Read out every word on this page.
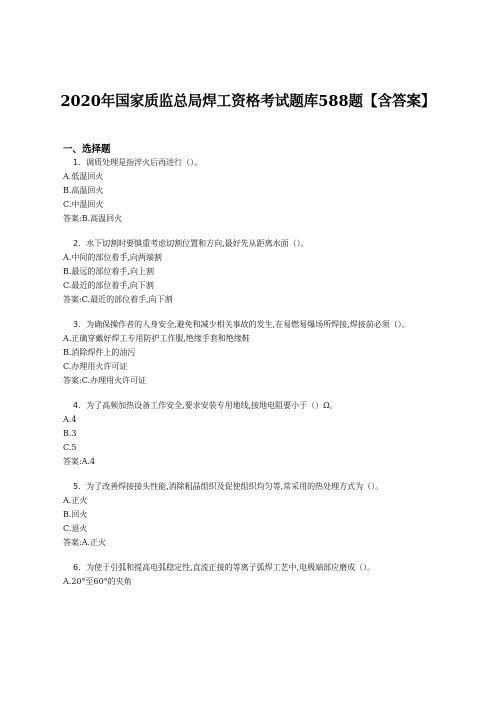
2020年国家质监总局焊工资格考试题库588题【含答案】
一、选择题

1．调质处理是指淬火后再进行（）。

A.低温回火

B.高温回火

C.中温回火

答案:B.高温回火

2．水下切割时要慎重考虑切割位置和方向,最好先从距离水面（）。

A.中间的部位着手,向两端割

B.最远的部位着手,向上割

C.最近的部位着手,向下割

答案:C.最近的部位着手,向下割

3．为确保操作者的人身安全,避免和减少相关事故的发生,在易燃易爆场所焊接,焊接前必须（）。

A.正确穿戴好焊工专用防护工作服,绝缘手套和绝缘鞋

B.消除焊件上的油污

C.办理用火许可证

答案:C.办理用火许可证

4．为了高频加热设备工作安全,要求安装专用地线,接地电阻要小于（）Ω。

A.4

B.3

C.5

答案:A.4

5．为了改善焊接接头性能,消除粗晶组织及促使组织均匀等,常采用的热处理方式为（）。

A.正火

B.回火

C.退火

答案:A.正火

6．为使于引弧和提高电弧稳定性,直流正接的等离子弧焊工艺中,电极端部应磨成（）。

A.20°至60°的夹角
